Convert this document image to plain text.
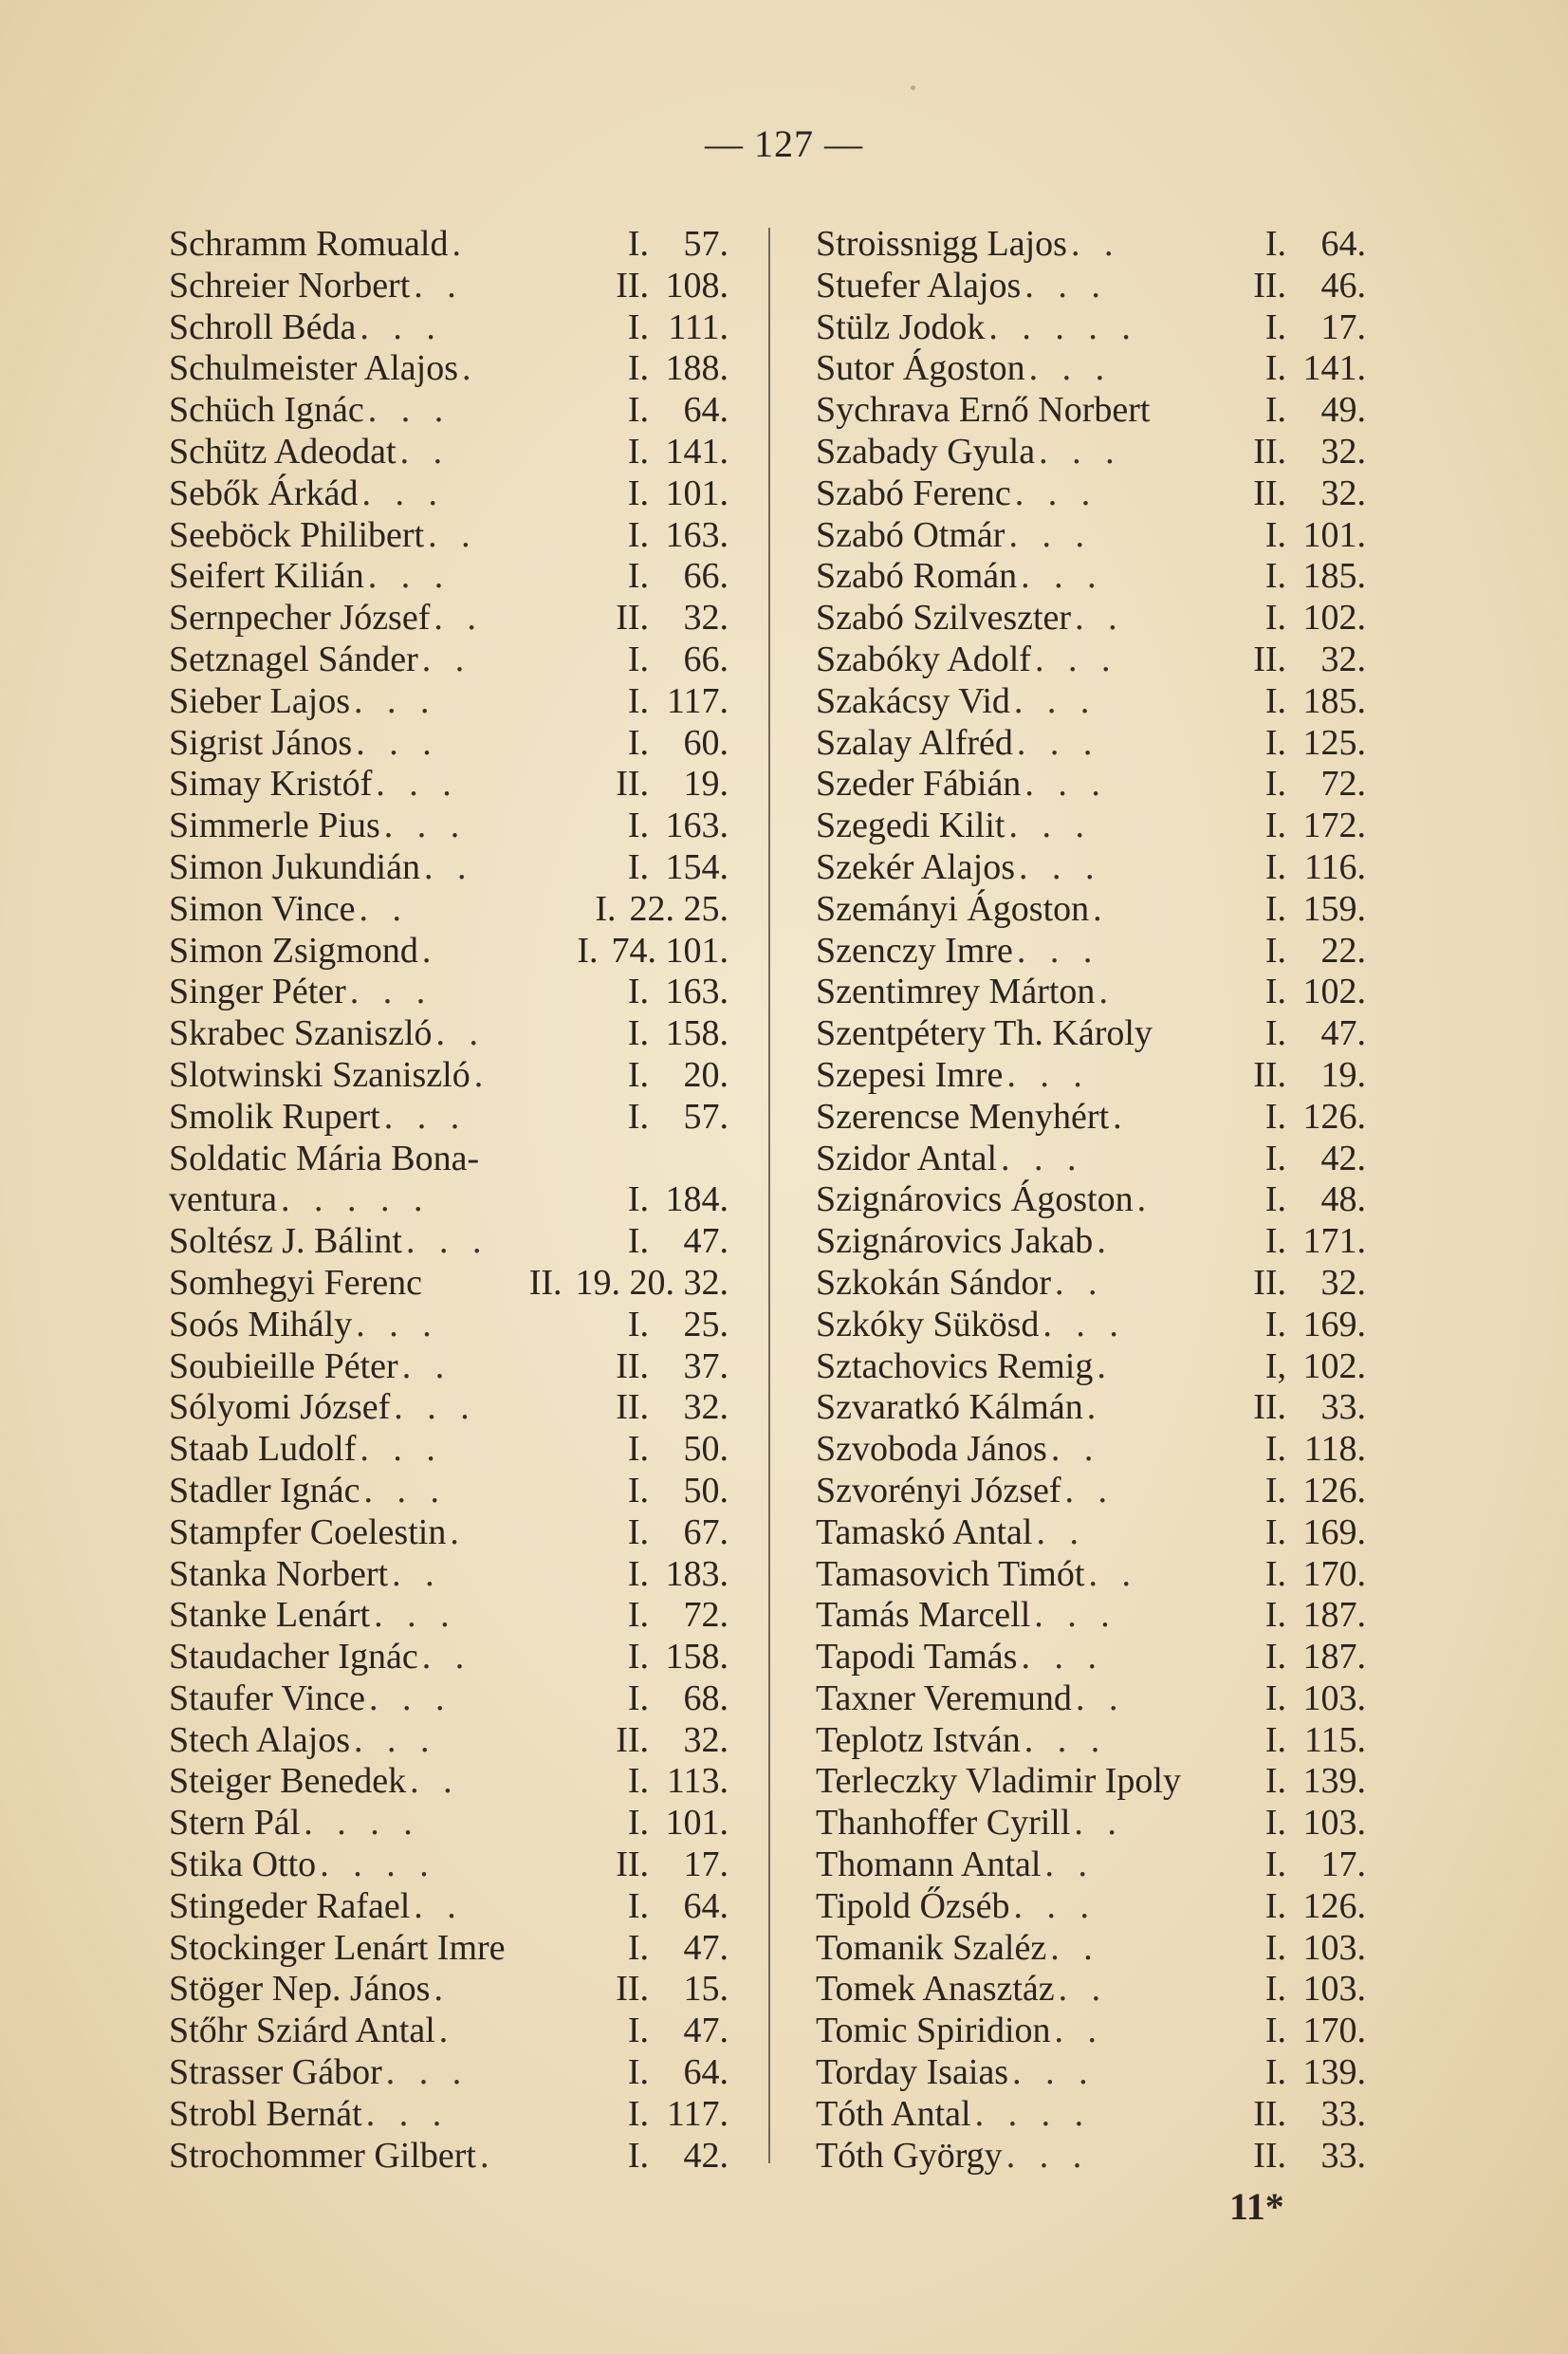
— 127 —
Schramm Romuald .	I. 57.
Schreier Norbert . .	II. 108.
Schroll Béda . . .	I. 111.
Schulmeister Alajos .	I. 188.
Schüch Ignác . . .	I. 64.
Schütz Adeodat . .	I. 141.
Sebők Árkád . . .	I. 101.
Seeböck Philibert . .	I. 163.
Seifert Kilián . . .	I. 66.
Sernpecher József . .	II. 32.
Setznagel Sánder . .	I. 66.
Sieber Lajos . . .	I. 117.
Sigrist János . . .	I. 60.
Simay Kristóf . . .	II. 19.
Simmerle Pius . . .	I. 163.
Simon Jukundián . .	I. 154.
Simon Vince . .	I. 22. 25.
Simon Zsigmond .	I. 74. 101.
Singer Péter . . .	I. 163.
Skrabec Szaniszló . .	I. 158.
Slotwinski Szaniszló .	I. 20.
Smolik Rupert . . .	I. 57.
Soldatic Mária Bona-
ventura . . . . .	I. 184.
Soltész J. Bálint . . .	I. 47.
Somhegyi Ferenc	II. 19. 20. 32.
Soós Mihály . . .	I. 25.
Soubieille Péter . .	II. 37.
Sólyomi József . . .	II. 32.
Staab Ludolf . . .	I. 50.
Stadler Ignác . . .	I. 50.
Stampfer Coelestin .	I. 67.
Stanka Norbert . .	I. 183.
Stanke Lenárt . . .	I. 72.
Staudacher Ignác . .	I. 158.
Staufer Vince . . .	I. 68.
Stech Alajos . . .	II. 32.
Steiger Benedek . .	I. 113.
Stern Pál . . . .	I. 101.
Stika Otto . . . .	II. 17.
Stingeder Rafael . .	I. 64.
Stockinger Lenárt Imre	I. 47.
Stöger Nep. János .	II. 15.
Stőhr Sziárd Antal .	I. 47.
Strasser Gábor . . .	I. 64.
Strobl Bernát . . .	I. 117.
Strochommer Gilbert .	I. 42.
Stroissnigg Lajos . .	I. 64.
Stuefer Alajos . . .	II. 46.
Stülz Jodok . . . . .	I. 17.
Sutor Ágoston . . .	I. 141.
Sychrava Ernő Norbert	I. 49.
Szabady Gyula . . .	II. 32.
Szabó Ferenc . . .	II. 32.
Szabó Otmár . . .	I. 101.
Szabó Román . . .	I. 185.
Szabó Szilveszter . .	I. 102.
Szabóky Adolf . . .	II. 32.
Szakácsy Vid . . .	I. 185.
Szalay Alfréd . . .	I. 125.
Szeder Fábián . . .	I. 72.
Szegedi Kilit . . .	I. 172.
Szekér Alajos . . .	I. 116.
Szemányi Ágoston .	I. 159.
Szenczy Imre . . .	I. 22.
Szentimrey Márton .	I. 102.
Szentpétery Th. Károly	I. 47.
Szepesi Imre . . .	II. 19.
Szerencse Menyhért .	I. 126.
Szidor Antal . . .	I. 42.
Szignárovics Ágoston .	I. 48.
Szignárovics Jakab .	I. 171.
Szkokán Sándor . .	II. 32.
Szkóky Sükösd . . .	I. 169.
Sztachovics Remig .	I, 102.
Szvaratkó Kálmán .	II. 33.
Szvoboda János . .	I. 118.
Szvorényi József . .	I. 126.
Tamaskó Antal . .	I. 169.
Tamasovich Timót . .	I. 170.
Tamás Marcell . . .	I. 187.
Tapodi Tamás . . .	I. 187.
Taxner Veremund . .	I. 103.
Teplotz István . . .	I. 115.
Terleczky Vladimir Ipoly I. 139.
Thanhoffer Cyrill . .	I. 103.
Thomann Antal . .	I. 17.
Tipold Őzséb . . .	I. 126.
Tomanik Szaléz . .	I. 103.
Tomek Anasztáz . .	I. 103.
Tomic Spiridion . .	I. 170.
Torday Isaias . . .	I. 139.
Tóth Antal . . . .	II. 33.
Tóth György . . .	II. 33.
11*
